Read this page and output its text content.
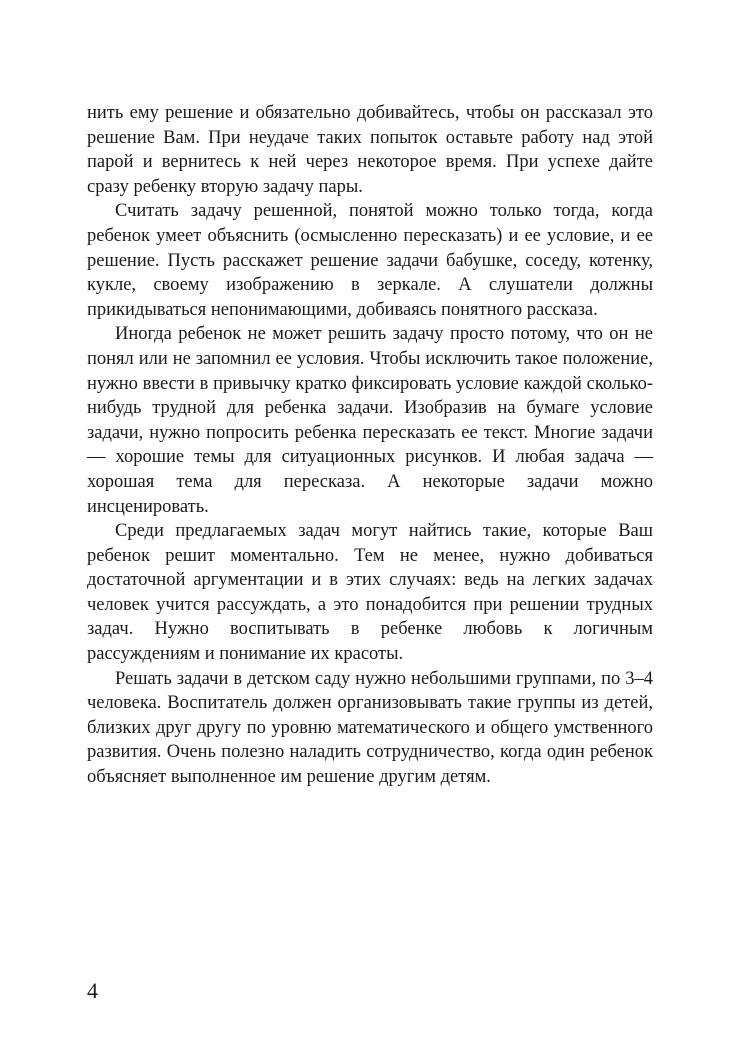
нить ему решение и обязательно добивайтесь, чтобы он рассказал это решение Вам. При неудаче таких попыток оставьте работу над этой парой и вернитесь к ней через некоторое время. При успехе дайте сразу ребенку вторую задачу пары.

Считать задачу решенной, понятой можно только тогда, когда ребенок умеет объяснить (осмысленно пересказать) и ее условие, и ее решение. Пусть расскажет решение задачи бабушке, соседу, котенку, кукле, своему изображению в зеркале. А слушатели должны прикидываться непонимающими, добиваясь понятного рассказа.

Иногда ребенок не может решить задачу просто потому, что он не понял или не запомнил ее условия. Чтобы исключить такое положение, нужно ввести в привычку кратко фиксировать условие каждой сколько-нибудь трудной для ребенка задачи. Изобразив на бумаге условие задачи, нужно попросить ребенка пересказать ее текст. Многие задачи — хорошие темы для ситуационных рисунков. И любая задача — хорошая тема для пересказа. А некоторые задачи можно инсценировать.

Среди предлагаемых задач могут найтись такие, которые Ваш ребенок решит моментально. Тем не менее, нужно добиваться достаточной аргументации и в этих случаях: ведь на легких задачах человек учится рассуждать, а это понадобится при решении трудных задач. Нужно воспитывать в ребенке любовь к логичным рассуждениям и понимание их красоты.

Решать задачи в детском саду нужно небольшими группами, по 3–4 человека. Воспитатель должен организовывать такие группы из детей, близких друг другу по уровню математического и общего умственного развития. Очень полезно наладить сотрудничество, когда один ребенок объясняет выполненное им решение другим детям.

4
